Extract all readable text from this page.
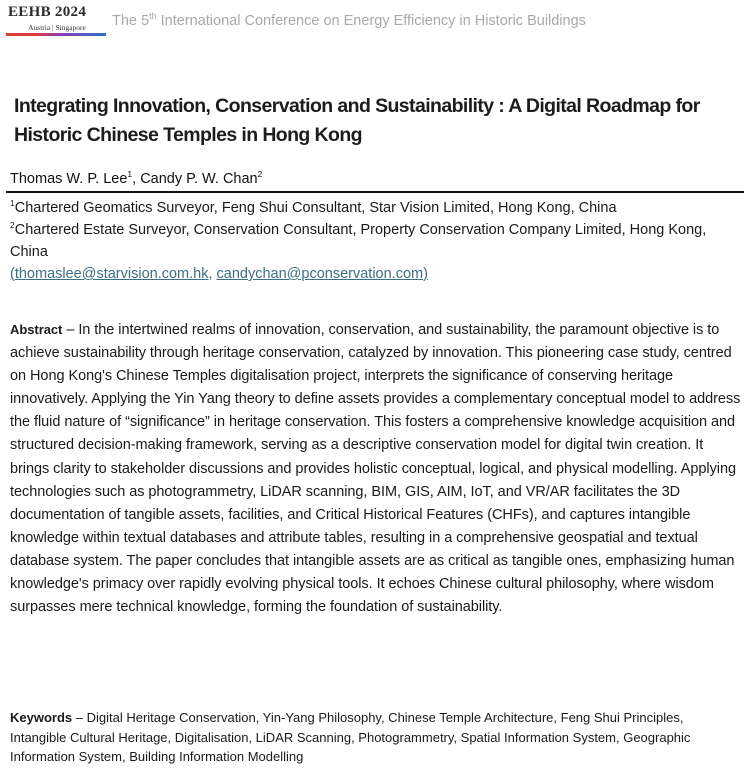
EEHB 2024
Austria | Singapore	The 5th International Conference on Energy Efficiency in Historic Buildings
Integrating Innovation, Conservation and Sustainability : A Digital Roadmap for Historic Chinese Temples in Hong Kong
Thomas W. P. Lee$^1$, Candy P. W. Chan$^2$
$^1$Chartered Geomatics Surveyor, Feng Shui Consultant, Star Vision Limited, Hong Kong, China
$^2$Chartered Estate Surveyor, Conservation Consultant, Property Conservation Company Limited, Hong Kong, China
(thomaslee@starvision.com.hk, candychan@pconservation.com)
Abstract – In the intertwined realms of innovation, conservation, and sustainability, the paramount objective is to achieve sustainability through heritage conservation, catalyzed by innovation. This pioneering case study, centred on Hong Kong's Chinese Temples digitalisation project, interprets the significance of conserving heritage innovatively. Applying the Yin Yang theory to define assets provides a complementary conceptual model to address the fluid nature of “significance” in heritage conservation. This fosters a comprehensive knowledge acquisition and structured decision-making framework, serving as a descriptive conservation model for digital twin creation. It brings clarity to stakeholder discussions and provides holistic conceptual, logical, and physical modelling. Applying technologies such as photogrammetry, LiDAR scanning, BIM, GIS, AIM, IoT, and VR/AR facilitates the 3D documentation of tangible assets, facilities, and Critical Historical Features (CHFs), and captures intangible knowledge within textual databases and attribute tables, resulting in a comprehensive geospatial and textual database system. The paper concludes that intangible assets are as critical as tangible ones, emphasizing human knowledge's primacy over rapidly evolving physical tools. It echoes Chinese cultural philosophy, where wisdom surpasses mere technical knowledge, forming the foundation of sustainability.
Keywords – Digital Heritage Conservation, Yin-Yang Philosophy, Chinese Temple Architecture, Feng Shui Principles, Intangible Cultural Heritage, Digitalisation, LiDAR Scanning, Photogrammetry, Spatial Information System, Geographic Information System, Building Information Modelling
